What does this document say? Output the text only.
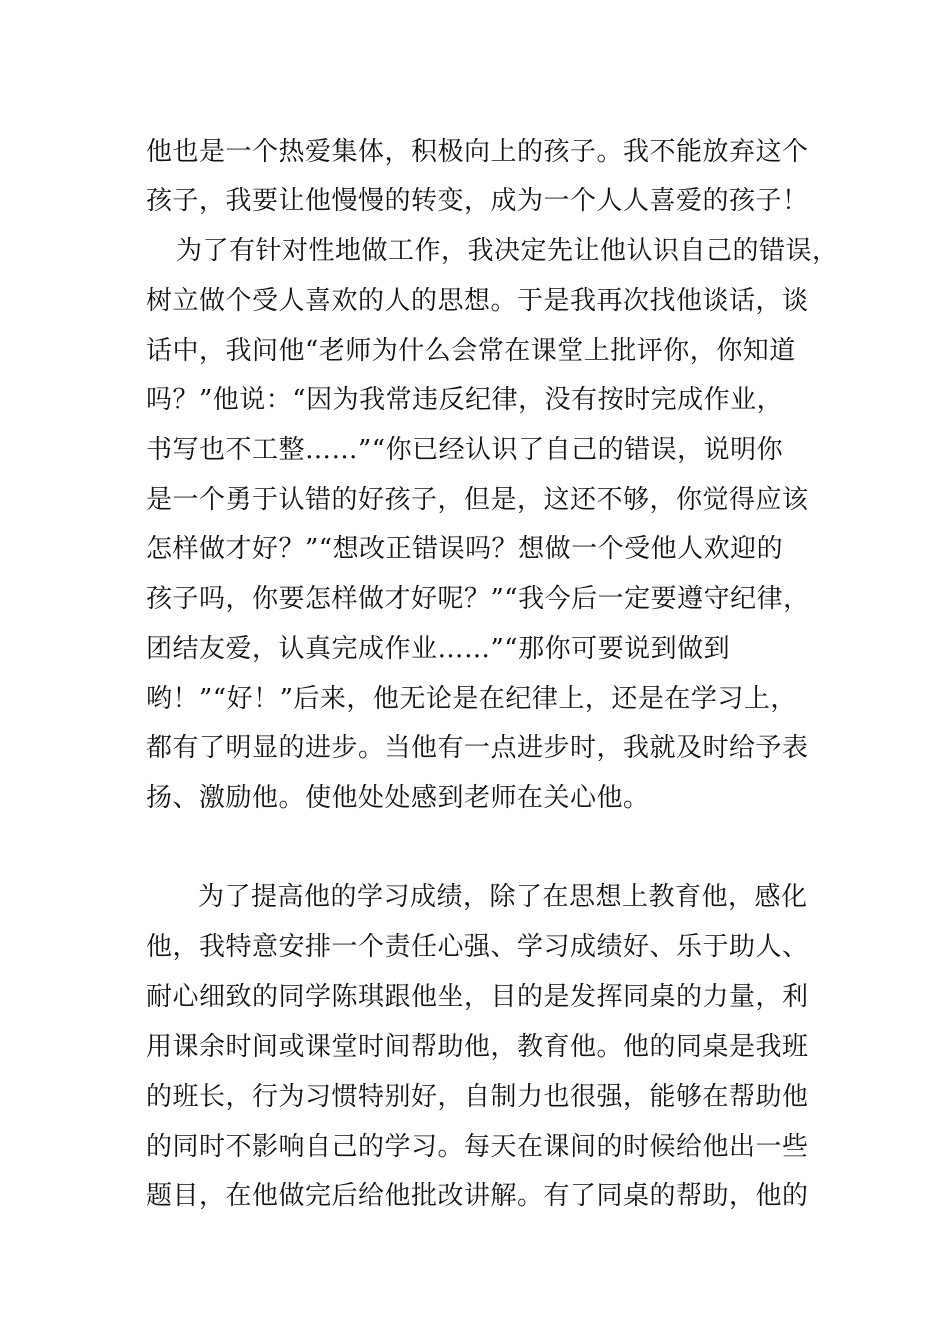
他也是一个热爱集体，积极向上的孩子。我不能放弃这个
孩子，我要让他慢慢的转变，成为一个人人喜爱的孩子！
为了有针对性地做工作，我决定先让他认识自己的错误，
树立做个受人喜欢的人的思想。于是我再次找他谈话，谈
话中，我问他“老师为什么会常在课堂上批评你，你知道
吗？”他说：“因为我常违反纪律，没有按时完成作业，
书写也不工整……”“你已经认识了自己的错误，说明你
是一个勇于认错的好孩子，但是，这还不够，你觉得应该
怎样做才好？”“想改正错误吗？想做一个受他人欢迎的
孩子吗，你要怎样做才好呢？”“我今后一定要遵守纪律，
团结友爱，认真完成作业……”“那你可要说到做到
哟！”“好！”后来，他无论是在纪律上，还是在学习上，
都有了明显的进步。当他有一点进步时，我就及时给予表
扬、激励他。使他处处感到老师在关心他。
为了提高他的学习成绩，除了在思想上教育他，感化
他，我特意安排一个责任心强、学习成绩好、乐于助人、
耐心细致的同学陈琪跟他坐，目的是发挥同桌的力量，利
用课余时间或课堂时间帮助他，教育他。他的同桌是我班
的班长，行为习惯特别好，自制力也很强，能够在帮助他
的同时不影响自己的学习。每天在课间的时候给他出一些
题目，在他做完后给他批改讲解。有了同桌的帮助，他的
